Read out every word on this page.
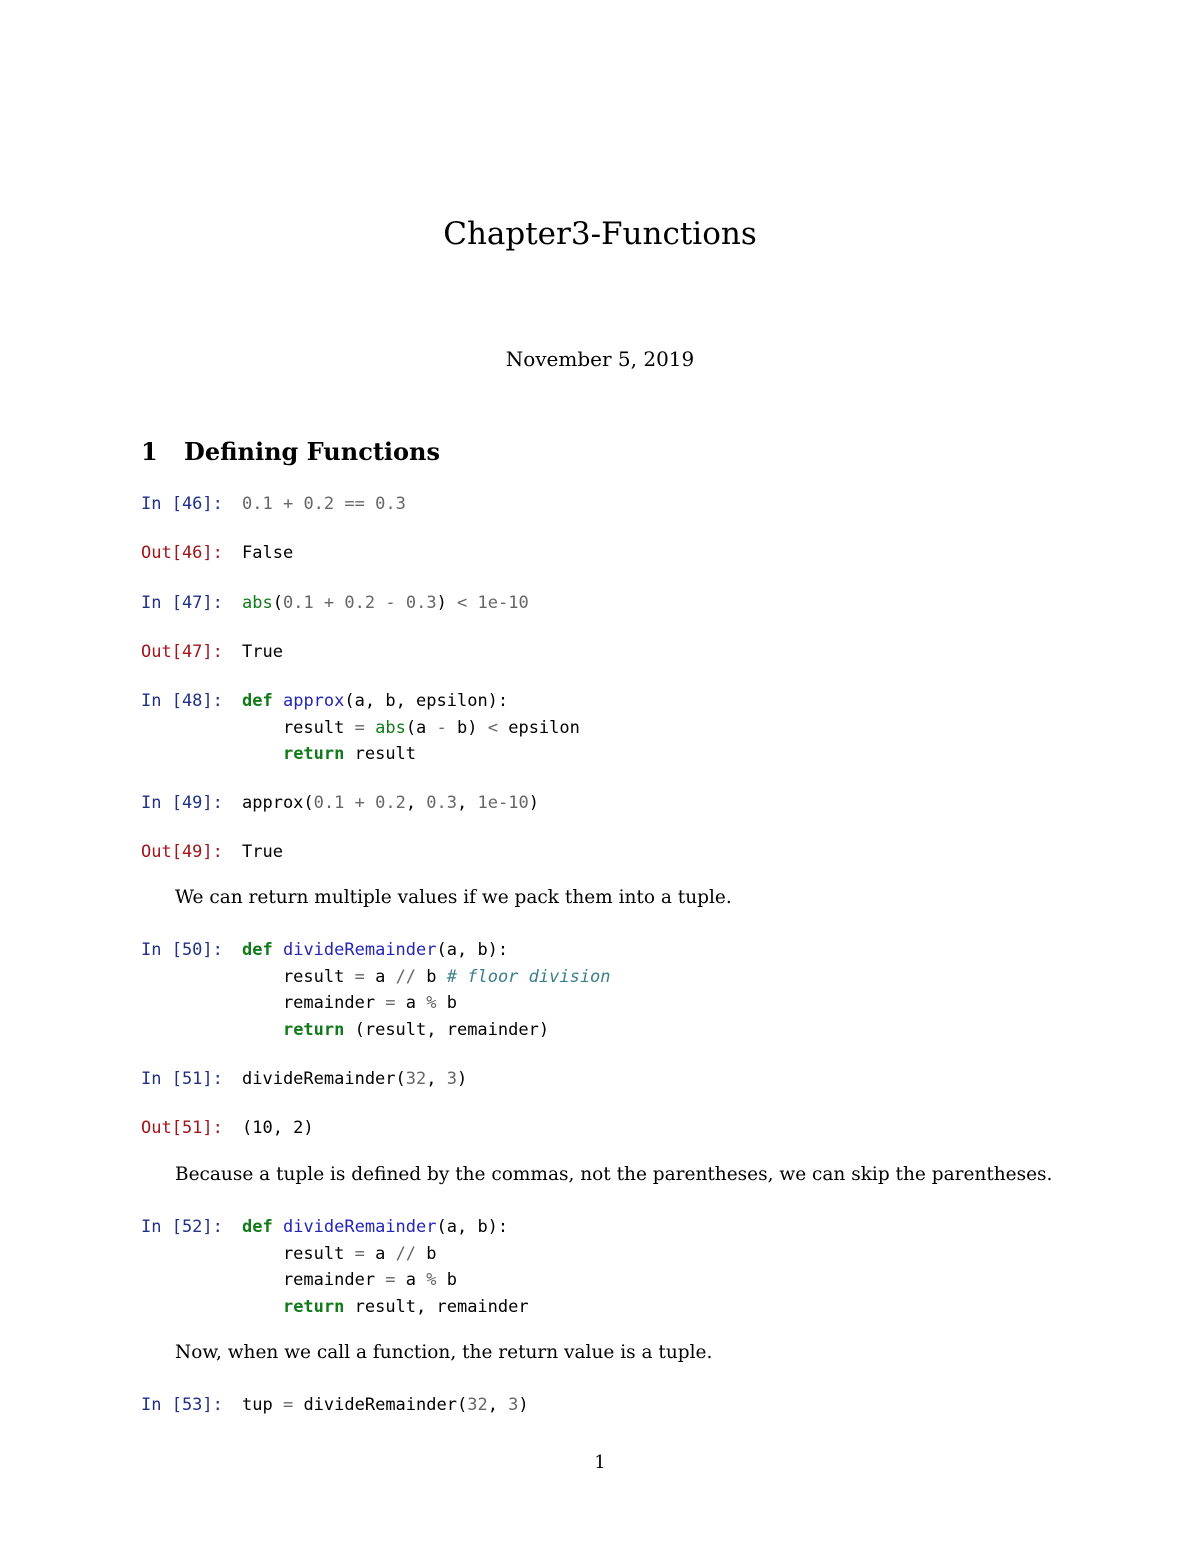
Chapter3-Functions
November 5, 2019
1 Defining Functions
In [46]: 0.1 + 0.2 == 0.3
Out[46]: False
In [47]: abs(0.1 + 0.2 - 0.3) < 1e-10
Out[47]: True
In [48]: def approx(a, b, epsilon):
result = abs(a - b) < epsilon
return result
In [49]: approx(0.1 + 0.2, 0.3, 1e-10)
Out[49]: True
We can return multiple values if we pack them into a tuple.
In [50]: def divideRemainder(a, b):
result = a // b # floor division
remainder = a % b
return (result, remainder)
In [51]: divideRemainder(32, 3)
Out[51]: (10, 2)
Because a tuple is defined by the commas, not the parentheses, we can skip the parentheses.
In [52]: def divideRemainder(a, b):
result = a // b
remainder = a % b
return result, remainder
Now, when we call a function, the return value is a tuple.
In [53]: tup = divideRemainder(32, 3)
1
